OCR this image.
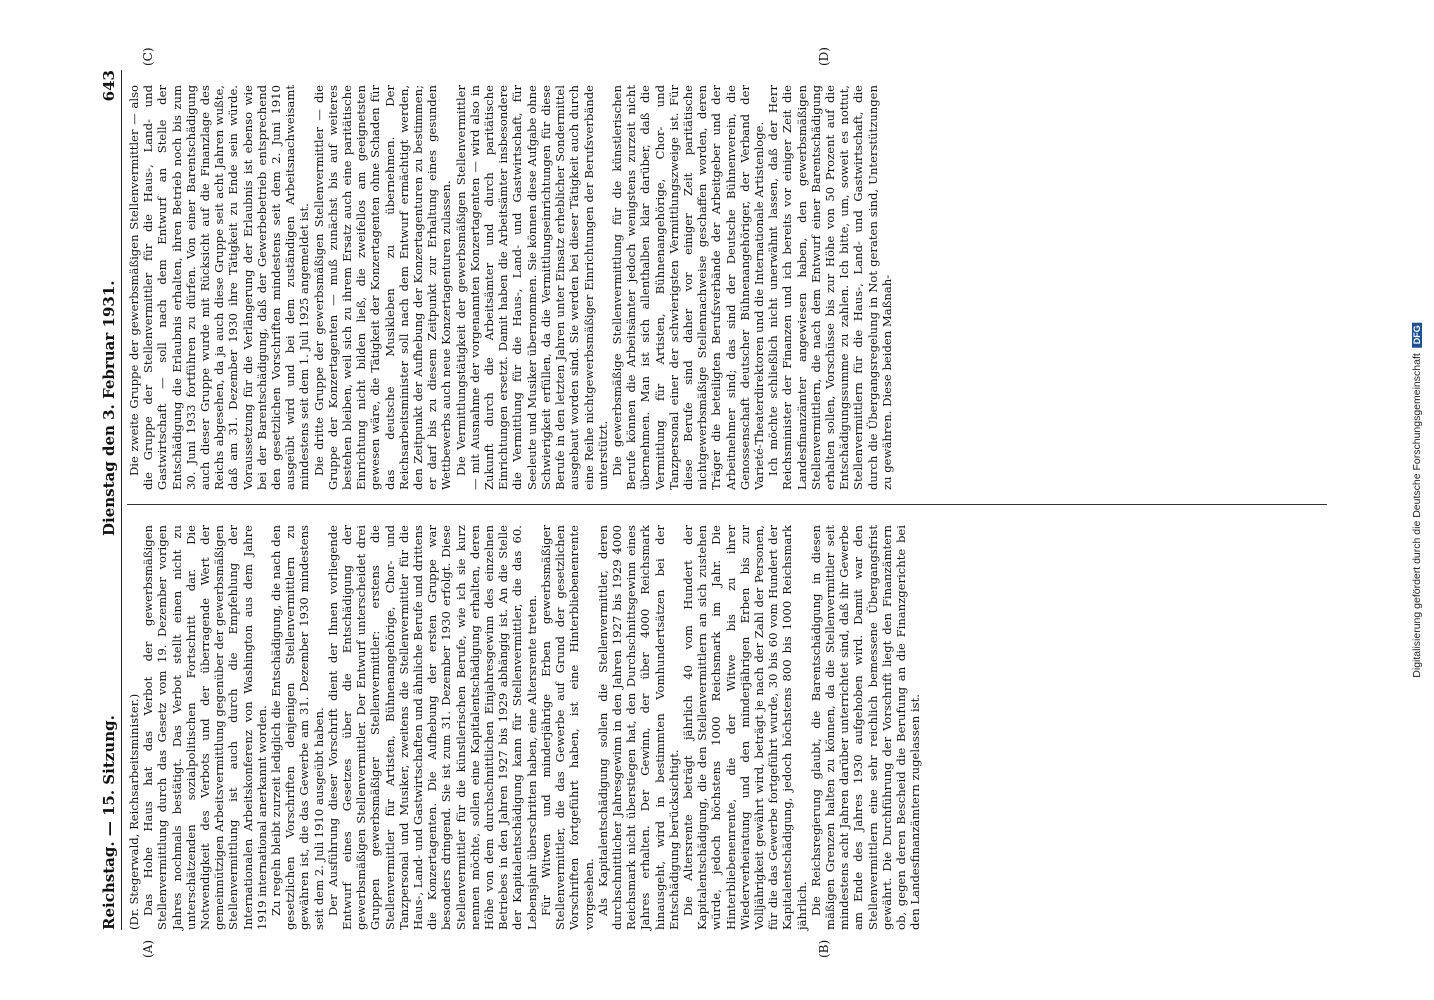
Reichstag. — 15. Sitzung.
Dienstag den 3. Februar 1931.
643
(A)	(B)
(C)	(D)

(Dr. Stegerwald, Reichsarbeitsminister.) Das Hohe Haus hat das Verbot der gewerbsmäßigen Stellenvermittlung durch das Gesetz vom 19. Dezember vorigen Jahres nochmals bestätigt. Das Verbot stellt einen nicht zu unterschätzenden sozialpolitischen Fortschritt dar. Die Notwendigkeit des Verbots und der überragende Wert der gemeinnützigen Arbeitsvermittlung gegenüber der gewerbsmäßigen Stellenvermittlung ist auch durch die Empfehlung der Internationalen Arbeitskonferenz von Washington aus dem Jahre 1919 international anerkannt worden. Zu regeln bleibt zurzeit lediglich die Entschädigung, die nach den gesetzlichen Vorschriften denjenigen Stellenvermittlern zu gewähren ist, die das Gewerbe am 31. Dezember 1930 mindestens seit dem 2. Juli 1910 ausgeübt haben. Der Ausführung dieser Vorschrift dient der Ihnen vorliegende Entwurf eines Gesetzes über die Entschädigung der gewerbsmäßigen Stellenvermittler. Der Entwurf unterscheidet drei Gruppen gewerbsmäßiger Stellenvermittler: erstens die Stellenvermittler für Artisten, Bühnenangehörige, Chor- und Tanzpersonal und Musiker, zweitens die Stellenvermittler für die Haus-, Land- und Gastwirtschaften und ähnliche Berufe und drittens die Konzertagenten. Die Aufhebung der ersten Gruppe war besonders dringend. Sie ist zum 31. Dezember 1930 erfolgt. Diese Stellenvermittler für die künstlerischen Berufe, wie ich sie kurz nennen möchte, sollen eine Kapitalentschädigung erhalten, deren Höhe von dem durchschnittlichen Einjahresgewinn des einzelnen Betriebes in den Jahren 1927 bis 1929 abhängig ist. An die Stelle der Kapitalentschädigung kann für Stellenvermittler, die das 60. Lebensjahr überschritten haben, eine Altersrente treten. Für Witwen und minderjährige Erben gewerbsmäßiger Stellenvermittler, die das Gewerbe auf Grund der gesetzlichen Vorschriften fortgeführt haben, ist eine Hinterbliebenenrente vorgesehen. Als Kapitalentschädigung sollen die Stellenvermittler, deren durchschnittlicher Jahresgewinn in den Jahren 1927 bis 1929 4000 Reichsmark nicht überstiegen hat, den Durchschnittsgewinn eines Jahres erhalten. Der Gewinn, der über 4000 Reichsmark hinausgeht, wird in bestimmten Vomhundertsätzen bei der Entschädigung berücksichtigt. Die Altersrente beträgt jährlich 40 vom Hundert der Kapitalentschädigung, die den Stellenvermittlern an sich zustehen würde, jedoch höchstens 1000 Reichsmark im Jahr. Die Hinterbliebenenrente, die der Witwe bis zu ihrer Wiederverheiratung und den minderjährigen Erben bis zur Volljährigkeit gewährt wird, beträgt je nach der Zahl der Personen, für die das Gewerbe fortgeführt wurde, 30 bis 60 vom Hundert der Kapitalentschädigung, jedoch höchstens 800 bis 1000 Reichsmark jährlich. Die Reichsregierung glaubt, die Barentschädigung in diesen mäßigen Grenzen halten zu können, da die Stellenvermittler seit mindestens acht Jahren darüber unterrichtet sind, daß ihr Gewerbe am Ende des Jahres 1930 aufgehoben wird. Damit war den Stellenvermittlern eine sehr reichlich bemessene Übergangsfrist gewährt. Die Durchführung der Vorschrift liegt den Finanzämtern ob, gegen deren Bescheid die Berufung an die Finanzgerichte bei den Landesfinanzämtern zugelassen ist.

Die zweite Gruppe der gewerbsmäßigen Stellenvermittler — also die Gruppe der Stellenvermittler für die Haus-, Land- und Gastwirtschaft — soll nach dem Entwurf an Stelle der Entschädigung die Erlaubnis erhalten, ihren Betrieb noch bis zum 30. Juni 1933 fortführen zu dürfen. Von einer Barentschädigung auch dieser Gruppe wurde mit Rücksicht auf die Finanzlage des Reichs abgesehen, da ja auch diese Gruppe seit acht Jahren wußte, daß am 31. Dezember 1930 ihre Tätigkeit zu Ende sein würde. Voraussetzung für die Verlängerung der Erlaubnis ist ebenso wie bei der Barentschädigung, daß der Gewerbebetrieb entsprechend den gesetzlichen Vorschriften mindestens seit dem 2. Juni 1910 ausgeübt wird und bei dem zuständigen Arbeitsnachweisamt mindestens seit dem 1. Juli 1925 angemeldet ist. Die dritte Gruppe der gewerbsmäßigen Stellenvermittler — die Gruppe der Konzertagenten — muß zunächst bis auf weiteres bestehen bleiben, weil sich zu ihrem Ersatz auch eine paritätische Einrichtung nicht bilden ließ, die zweifellos am geeignetsten gewesen wäre, die Tätigkeit der Konzertagenten ohne Schaden für das deutsche Musikleben zu übernehmen. Der Reichsarbeitsminister soll nach dem Entwurf ermächtigt werden, den Zeitpunkt der Aufhebung der Konzertagenturen zu bestimmen; er darf bis zu diesem Zeitpunkt zur Erhaltung eines gesunden Wettbewerbs auch neue Konzertagenturen zulassen. Die Vermittlungstätigkeit der gewerbsmäßigen Stellenvermittler — mit Ausnahme der vorgenannten Konzertagenten — wird also in Zukunft durch die Arbeitsämter und durch paritätische Einrichtungen ersetzt. Damit haben die Arbeitsämter insbesondere die Vermittlung für die Haus-, Land- und Gastwirtschaft, für Seeleute und Musiker übernommen. Sie können diese Aufgabe ohne Schwierigkeit erfüllen, da die Vermittlungseinrichtungen für diese Berufe in den letzten Jahren unter Einsatz erheblicher Sondermittel ausgebaut worden sind. Sie werden bei dieser Tätigkeit auch durch eine Reihe nichtgewerbsmäßiger Einrichtungen der Berufsverbände unterstützt. Die gewerbsmäßige Stellenvermittlung für die künstlerischen Berufe können die Arbeitsämter jedoch wenigstens zurzeit nicht übernehmen. Man ist sich allenthalben klar darüber, daß die Vermittlung für Artisten, Bühnenangehörige, Chor- und Tanzpersonal einer der schwierigsten Vermittlungszweige ist. Für diese Berufe sind daher vor einiger Zeit paritätische nichtgewerbsmäßige Stellennachweise geschaffen worden, deren Träger die beteiligten Berufsverbände der Arbeitgeber und der Arbeitnehmer sind; das sind der Deutsche Bühnenverein, die Genossenschaft deutscher Bühnenangehöriger, der Verband der Varieté-Theaterdirektoren und die Internationale Artistenloge. Ich möchte schließlich nicht unerwähnt lassen, daß der Herr Reichsminister der Finanzen und ich bereits vor einiger Zeit die Landesfinanzämter angewiesen haben, den gewerbsmäßigen Stellenvermittlern, die nach dem Entwurf einer Barentschädigung erhalten sollen, Vorschüsse bis zur Höhe von 50 Prozent auf die Entschädigungssumme zu zahlen. Ich bitte, um, soweit es nottut, Stellenvermittlern für die Haus-, Land- und Gastwirtschaft, die durch die Übergangsregelung in Not geraten sind, Unterstützungen zu gewähren. Diese beiden Maßnah-	Digitalisierung gefördert durch die Deutsche Forschungsgemeinschaft DFG
